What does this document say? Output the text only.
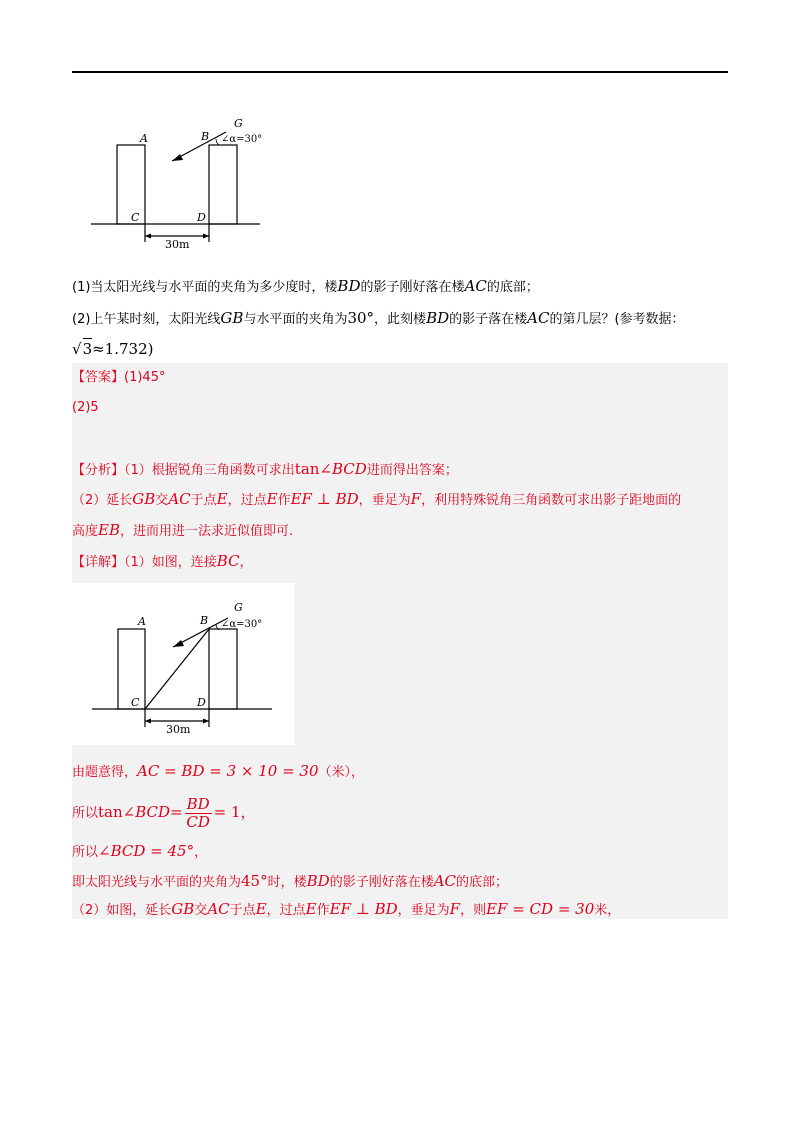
A	B
G
C	D
∠α=30°
30m
(1)当太阳光线与水平面的夹角为多少度时，楼BD的影子刚好落在楼AC的底部；
(2)上午某时刻，太阳光线GB与水平面的夹角为30°，此刻楼BD的影子落在楼AC的第几层？(参考数据：
√3≈1.732)
【答案】(1)45°
(2)5
【分析】（1）根据锐角三角函数可求出tan∠BCD进而得出答案；
（2）延长GB交AC于点E，过点E作EF ⊥ BD，垂足为F，利用特殊锐角三角函数可求出影子距地面的
高度EB，进而用进一法求近似值即可.
【详解】（1）如图，连接BC，
A	B
G
C	D
∠α=30°
30m
由题意得，AC = BD = 3 × 10 = 30（米），
所以tan∠BCD= $\frac{BD}{CD} = 1$，
所以∠BCD = 45°，
即太阳光线与水平面的夹角为45°时，楼BD的影子刚好落在楼AC的底部；
（2）如图，延长GB交AC于点E，过点E作EF ⊥ BD，垂足为F，则EF = CD = 30米，
